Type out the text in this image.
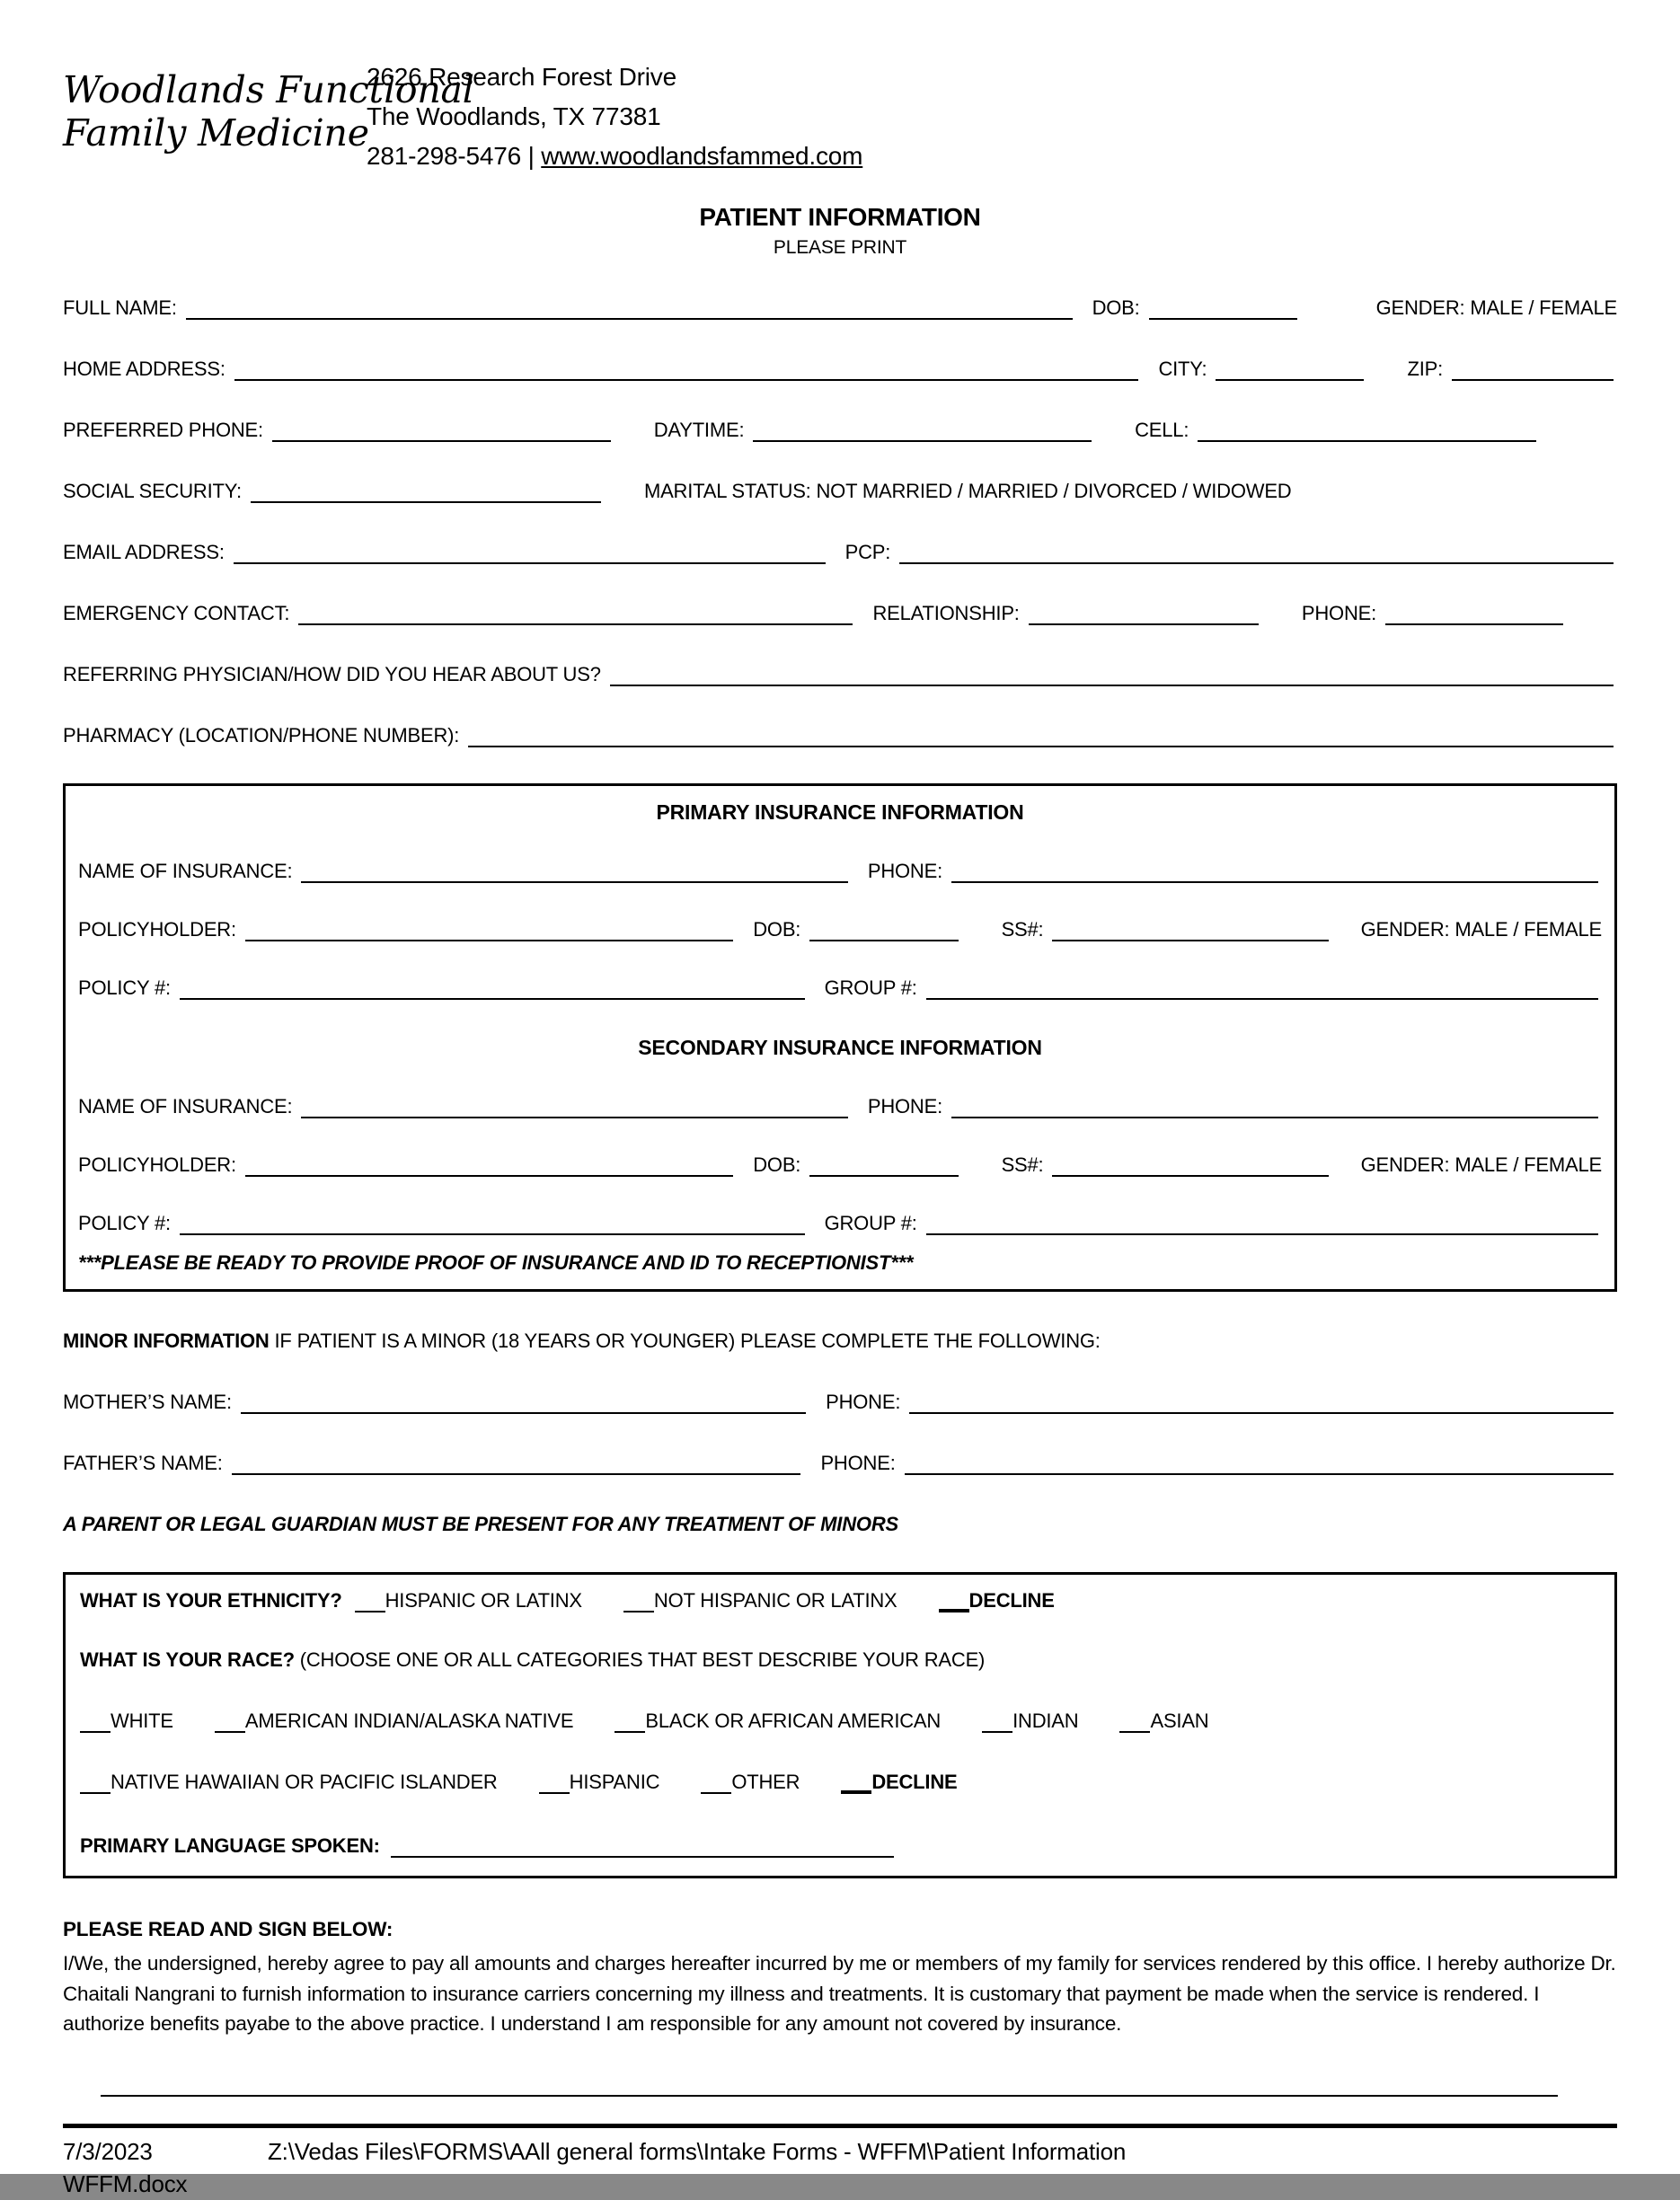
Woodlands Functional
Family Medicine
2626 Research Forest Drive
The Woodlands, TX 77381
281-298-5476 | www.woodlandsfammed.com
PATIENT INFORMATION
PLEASE PRINT
FULL NAME:	DOB:	GENDER: MALE / FEMALE
HOME ADDRESS:	CITY:	ZIP:
PREFERRED PHONE:	DAYTIME:	CELL:
SOCIAL SECURITY:	MARITAL STATUS: NOT MARRIED / MARRIED / DIVORCED / WIDOWED
EMAIL ADDRESS:	PCP:
EMERGENCY CONTACT:	RELATIONSHIP:	PHONE:
REFERRING PHYSICIAN/HOW DID YOU HEAR ABOUT US?
PHARMACY (LOCATION/PHONE NUMBER):
PRIMARY INSURANCE INFORMATION
NAME OF INSURANCE:	PHONE:
POLICYHOLDER:	DOB:	SS#:	GENDER: MALE / FEMALE
POLICY #:	GROUP #:
SECONDARY INSURANCE INFORMATION
NAME OF INSURANCE:	PHONE:
POLICYHOLDER:	DOB:	SS#:	GENDER: MALE / FEMALE
POLICY #:	GROUP #:
***PLEASE BE READY TO PROVIDE PROOF OF INSURANCE AND ID TO RECEPTIONIST***
MINOR INFORMATION IF PATIENT IS A MINOR (18 YEARS OR YOUNGER) PLEASE COMPLETE THE FOLLOWING:
MOTHER’S NAME:	PHONE:
FATHER’S NAME:	PHONE:
A PARENT OR LEGAL GUARDIAN MUST BE PRESENT FOR ANY TREATMENT OF MINORS
WHAT IS YOUR ETHNICITY? HISPANIC OR LATINX	NOT HISPANIC OR LATINX	DECLINE
WHAT IS YOUR RACE? (CHOOSE ONE OR ALL CATEGORIES THAT BEST DESCRIBE YOUR RACE)
WHITE	AMERICAN INDIAN/ALASKA NATIVE	BLACK OR AFRICAN AMERICAN	INDIAN	ASIAN
NATIVE HAWAIIAN OR PACIFIC ISLANDER	HISPANIC	OTHER	DECLINE
PRIMARY LANGUAGE SPOKEN:
PLEASE READ AND SIGN BELOW:
I/We, the undersigned, hereby agree to pay all amounts and charges hereafter incurred by me or members of my family for services rendered by this office. I hereby authorize Dr. Chaitali Nangrani to furnish information to insurance carriers concerning my illness and treatments. It is customary that payment be made when the service is rendered. I authorize benefits payabe to the above practice. I understand I am responsible for any amount not covered by insurance.
7/3/2023	Z:\Vedas Files\FORMS\AAll general forms\Intake Forms - WFFM\Patient Information
WFFM.docx
